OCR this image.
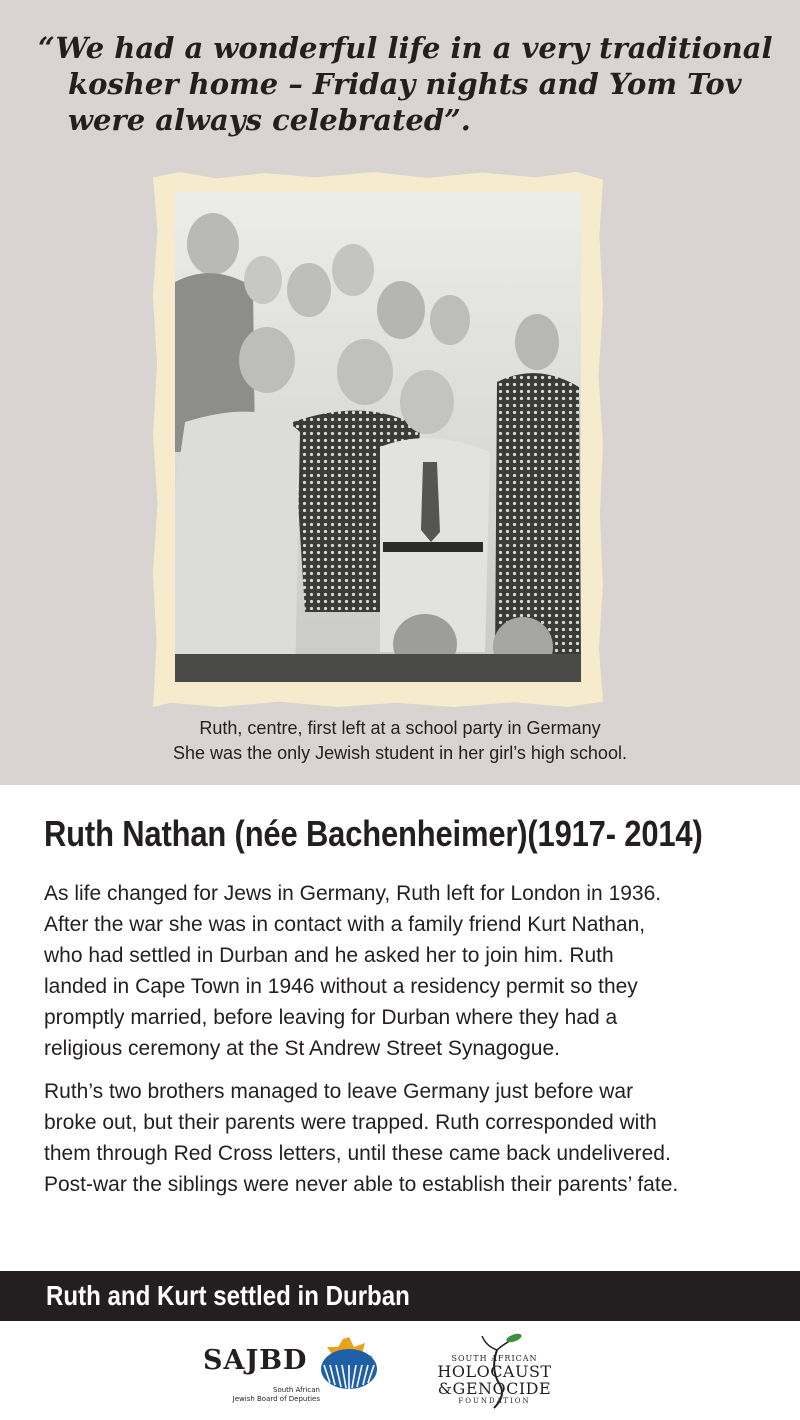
“We had a wonderful life in a very traditional
kosher home – Friday nights and Yom Tov
were always celebrated”.
Ruth, centre, first left at a school party in Germany
She was the only Jewish student in her girl’s high school.
Ruth Nathan (née Bachenheimer)(1917- 2014)

As life changed for Jews in Germany, Ruth left for London in 1936.
After the war she was in contact with a family friend Kurt Nathan,
who had settled in Durban and he asked her to join him. Ruth
landed in Cape Town in 1946 without a residency permit so they
promptly married, before leaving for Durban where they had a
religious ceremony at the St Andrew Street Synagogue.

Ruth’s two brothers managed to leave Germany just before war
broke out, but their parents were trapped. Ruth corresponded with
them through Red Cross letters, until these came back undelivered.
Post-war the siblings were never able to establish their parents’ fate.

Ruth and Kurt settled in Durban
SAJBD
South African
Jewish Board of Deputies
SOUTH AFRICAN
HOLOCAUST
&GENOCIDE
FOUNDATION
